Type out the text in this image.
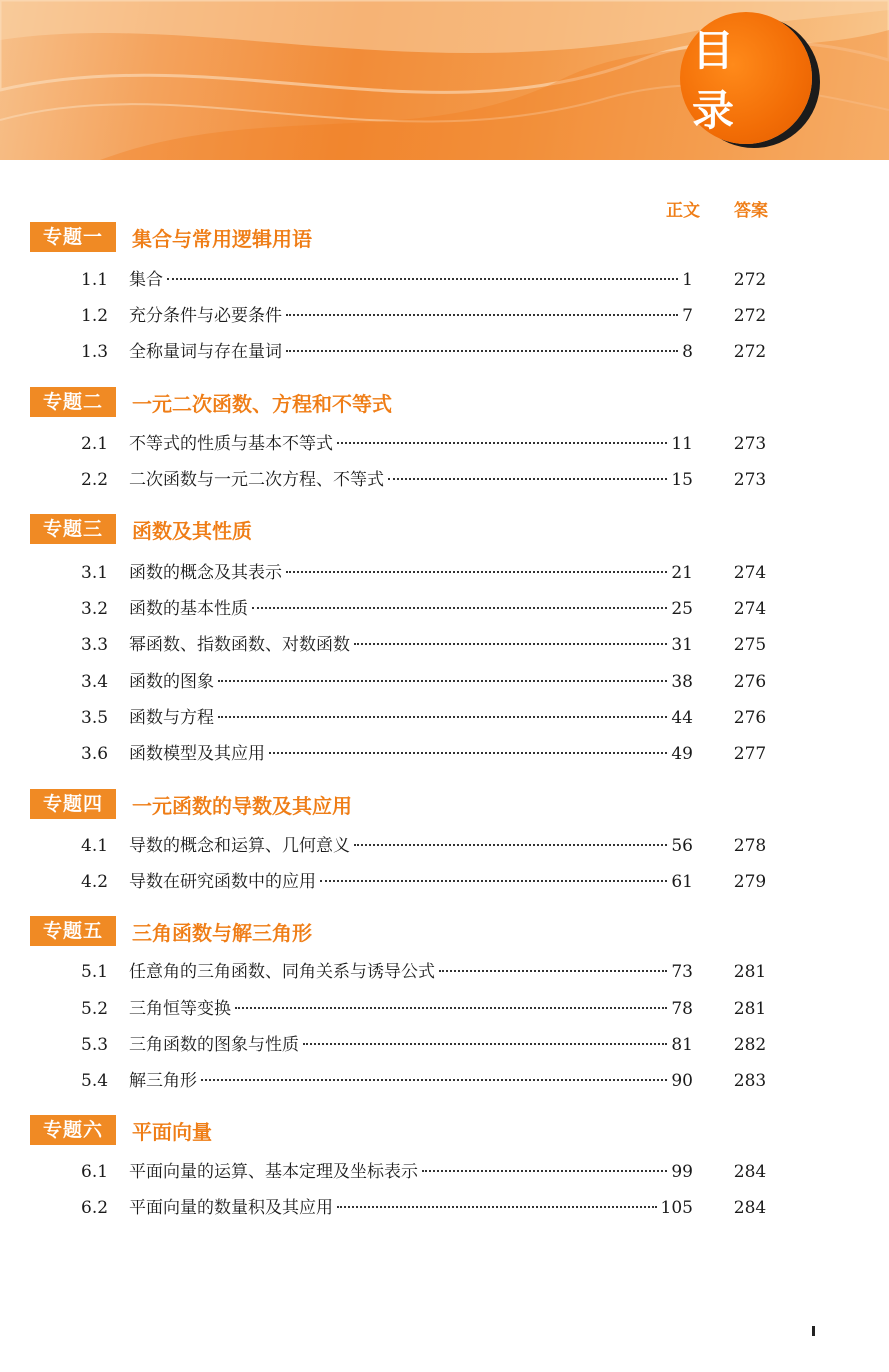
目 录
正文 答案
专题一	集合与常用逻辑用语
1.1	集合	1	272
1.2	充分条件与必要条件	7	272
1.3	全称量词与存在量词	8	272
专题二	一元二次函数、方程和不等式
2.1	不等式的性质与基本不等式	11	273
2.2	二次函数与一元二次方程、不等式	15	273
专题三	函数及其性质
3.1	函数的概念及其表示	21	274
3.2	函数的基本性质	25	274
3.3	幂函数、指数函数、对数函数	31	275
3.4	函数的图象	38	276
3.5	函数与方程	44	276
3.6	函数模型及其应用	49	277
专题四	一元函数的导数及其应用
4.1	导数的概念和运算、几何意义	56	278
4.2	导数在研究函数中的应用	61	279
专题五	三角函数与解三角形
5.1	任意角的三角函数、同角关系与诱导公式	73	281
5.2	三角恒等变换	78	281
5.3	三角函数的图象与性质	81	282
5.4	解三角形	90	283
专题六	平面向量
6.1	平面向量的运算、基本定理及坐标表示	99	284
6.2	平面向量的数量积及其应用	105	284
